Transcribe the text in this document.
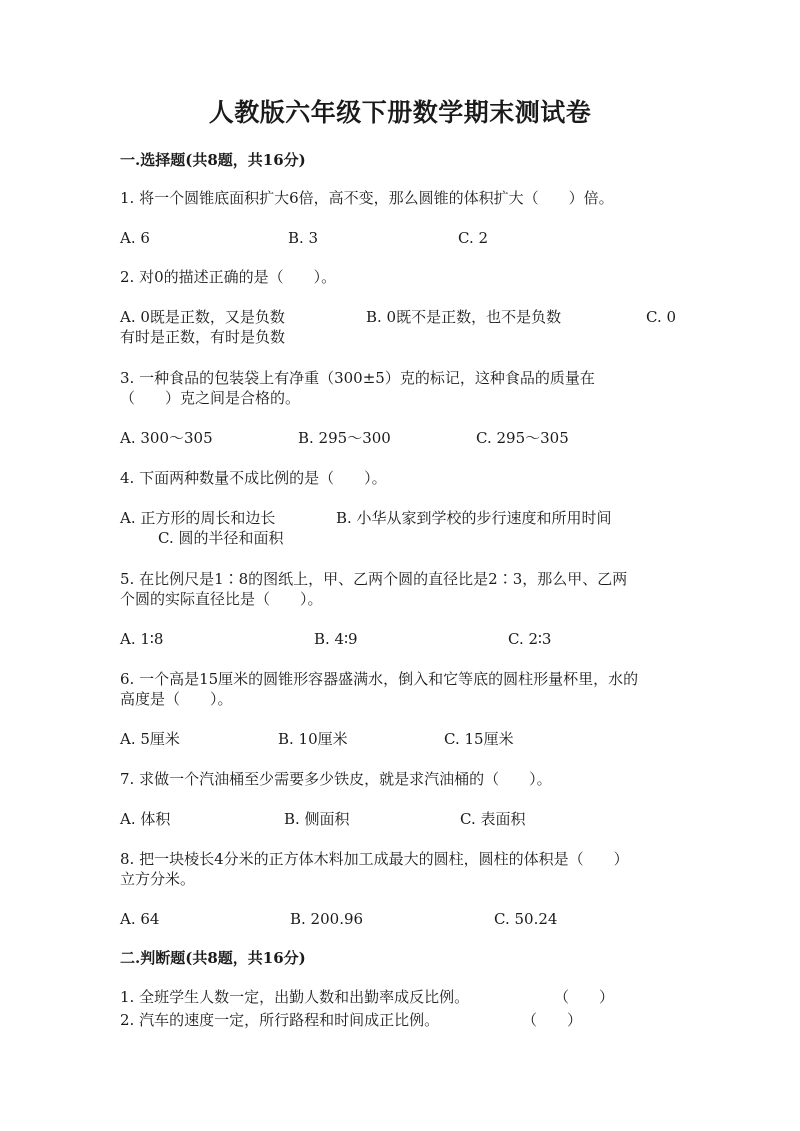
人教版六年级下册数学期末测试卷
一.选择题(共8题，共16分)
1. 将一个圆锥底面积扩大6倍，高不变，那么圆锥的体积扩大（　　）倍。
A. 6	B. 3	C. 2
2. 对0的描述正确的是（　　）。
A. 0既是正数，又是负数	B. 0既不是正数，也不是负数	C. 0
有时是正数，有时是负数
3. 一种食品的包装袋上有净重（300±5）克的标记，这种食品的质量在
（　　）克之间是合格的。
A. 300～305	B. 295～300	C. 295～305
4. 下面两种数量不成比例的是（　　）。
A. 正方形的周长和边长	B. 小华从家到学校的步行速度和所用时间
C. 圆的半径和面积
5. 在比例尺是1∶8的图纸上，甲、乙两个圆的直径比是2∶3，那么甲、乙两
个圆的实际直径比是（　　）。
A. 1∶8	B. 4∶9	C. 2∶3
6. 一个高是15厘米的圆锥形容器盛满水，倒入和它等底的圆柱形量杯里，水的
高度是（　　）。
A. 5厘米	B. 10厘米	C. 15厘米
7. 求做一个汽油桶至少需要多少铁皮，就是求汽油桶的（　　）。
A. 体积	B. 侧面积	C. 表面积
8. 把一块棱长4分米的正方体木料加工成最大的圆柱，圆柱的体积是（　　）
立方分米。
A. 64	B. 200.96	C. 50.24
二.判断题(共8题，共16分)
1. 全班学生人数一定，出勤人数和出勤率成反比例。	（　　）
2. 汽车的速度一定，所行路程和时间成正比例。	（　　）
